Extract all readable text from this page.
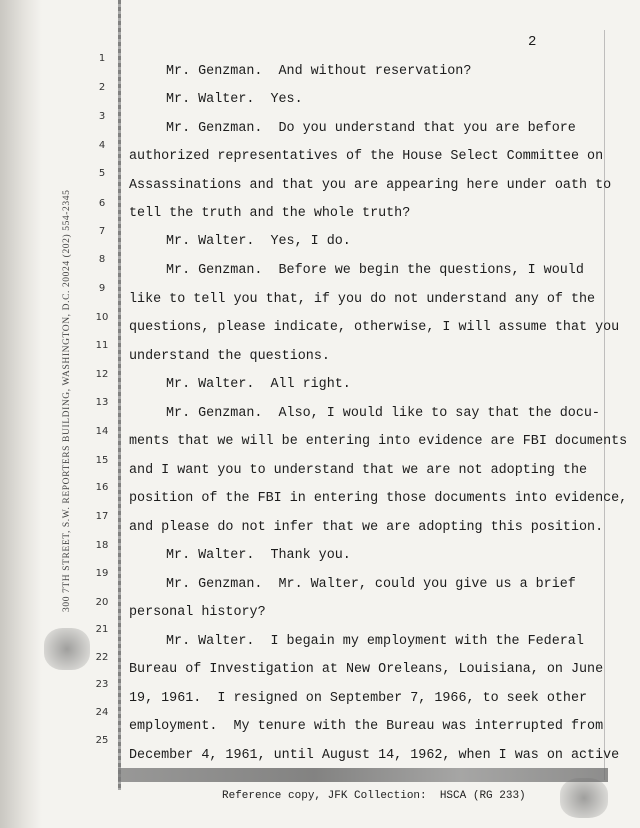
2
300 7TH STREET, S.W. REPORTERS BUILDING, WASHINGTON, D.C. 20024 (202) 554-2345
1
2
3
4
5
6
7
8
9
10
11
12
13
14
15
16
17
18
19
20
21
22
23
24
25
Mr. Genzman.  And without reservation?
Mr. Walter.  Yes.
Mr. Genzman.  Do you understand that you are before
authorized representatives of the House Select Committee on
Assassinations and that you are appearing here under oath to
tell the truth and the whole truth?
Mr. Walter.  Yes, I do.
Mr. Genzman.  Before we begin the questions, I would
like to tell you that, if you do not understand any of the
questions, please indicate, otherwise, I will assume that you
understand the questions.
Mr. Walter.  All right.
Mr. Genzman.  Also, I would like to say that the docu-
ments that we will be entering into evidence are FBI documents
and I want you to understand that we are not adopting the
position of the FBI in entering those documents into evidence,
and please do not infer that we are adopting this position.
Mr. Walter.  Thank you.
Mr. Genzman.  Mr. Walter, could you give us a brief
personal history?
Mr. Walter.  I begain my employment with the Federal
Bureau of Investigation at New Oreleans, Louisiana, on June
19, 1961.  I resigned on September 7, 1966, to seek other
employment.  My tenure with the Bureau was interrupted from
December 4, 1961, until August 14, 1962, when I was on active
Reference copy, JFK Collection:  HSCA (RG 233)
